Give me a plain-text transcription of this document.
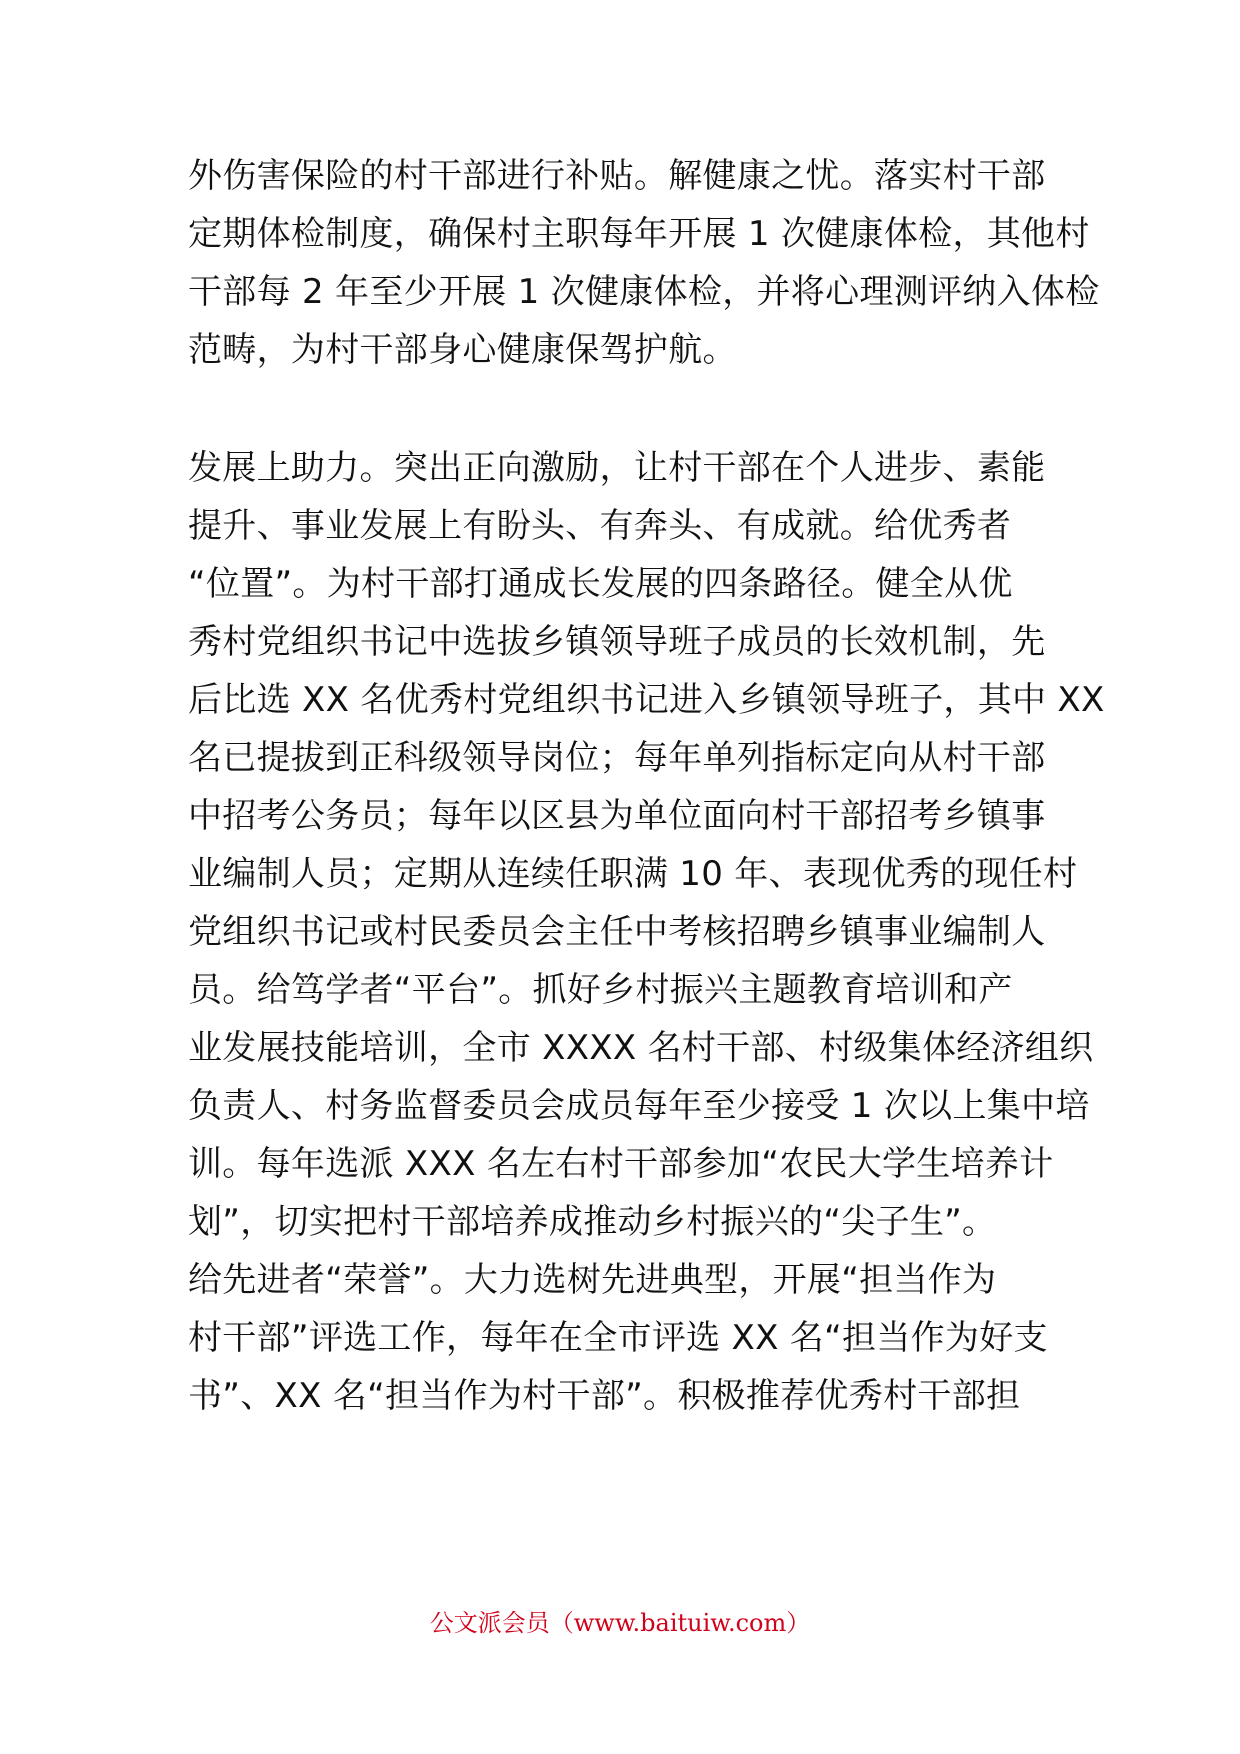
外伤害保险的村干部进行补贴。解健康之忧。落实村干部
定期体检制度，确保村主职每年开展 1 次健康体检，其他村
干部每 2 年至少开展 1 次健康体检，并将心理测评纳入体检
范畴，为村干部身心健康保驾护航。
发展上助力。突出正向激励，让村干部在个人进步、素能
提升、事业发展上有盼头、有奔头、有成就。给优秀者
“位置”。为村干部打通成长发展的四条路径。健全从优
秀村党组织书记中选拔乡镇领导班子成员的长效机制，先
后比选 XX 名优秀村党组织书记进入乡镇领导班子，其中 XX
名已提拔到正科级领导岗位；每年单列指标定向从村干部
中招考公务员；每年以区县为单位面向村干部招考乡镇事
业编制人员；定期从连续任职满 10 年、表现优秀的现任村
党组织书记或村民委员会主任中考核招聘乡镇事业编制人
员。给笃学者“平台”。抓好乡村振兴主题教育培训和产
业发展技能培训，全市 XXXX 名村干部、村级集体经济组织
负责人、村务监督委员会成员每年至少接受 1 次以上集中培
训。每年选派 XXX 名左右村干部参加“农民大学生培养计
划”，切实把村干部培养成推动乡村振兴的“尖子生”。
给先进者“荣誉”。大力选树先进典型，开展“担当作为
村干部”评选工作，每年在全市评选 XX 名“担当作为好支
书”、XX 名“担当作为村干部”。积极推荐优秀村干部担
公文派会员（www.baituiw.com）
